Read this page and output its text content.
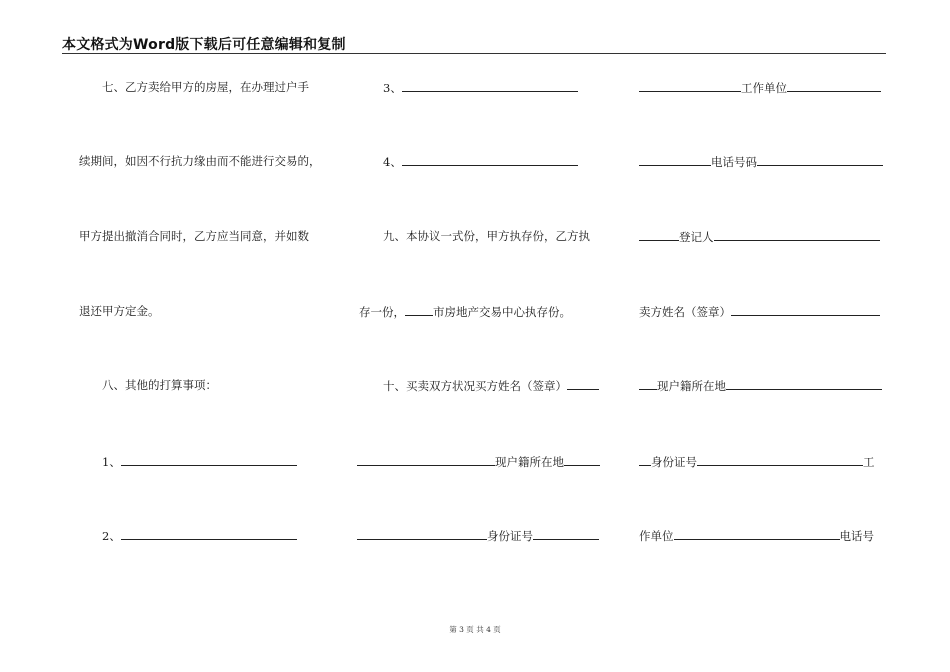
本文格式为Word版下载后可任意编辑和复制
七、乙方卖给甲方的房屋，在办理过户手
续期间，如因不行抗力缘由而不能进行交易的，
甲方提出撤消合同时，乙方应当同意，并如数
退还甲方定金。
八、其他的打算事项：
1、
2、
3、
4、
九、本协议一式份，甲方执存份，乙方执
存一份， 市房地产交易中心执存份。
十、买卖双方状况买方姓名（签章）
现户籍所在地
身份证号
工作单位
电话号码
登记人
卖方姓名（签章）
现户籍所在地
身份证号	工
作单位	电话号
第 3 页 共 4 页
